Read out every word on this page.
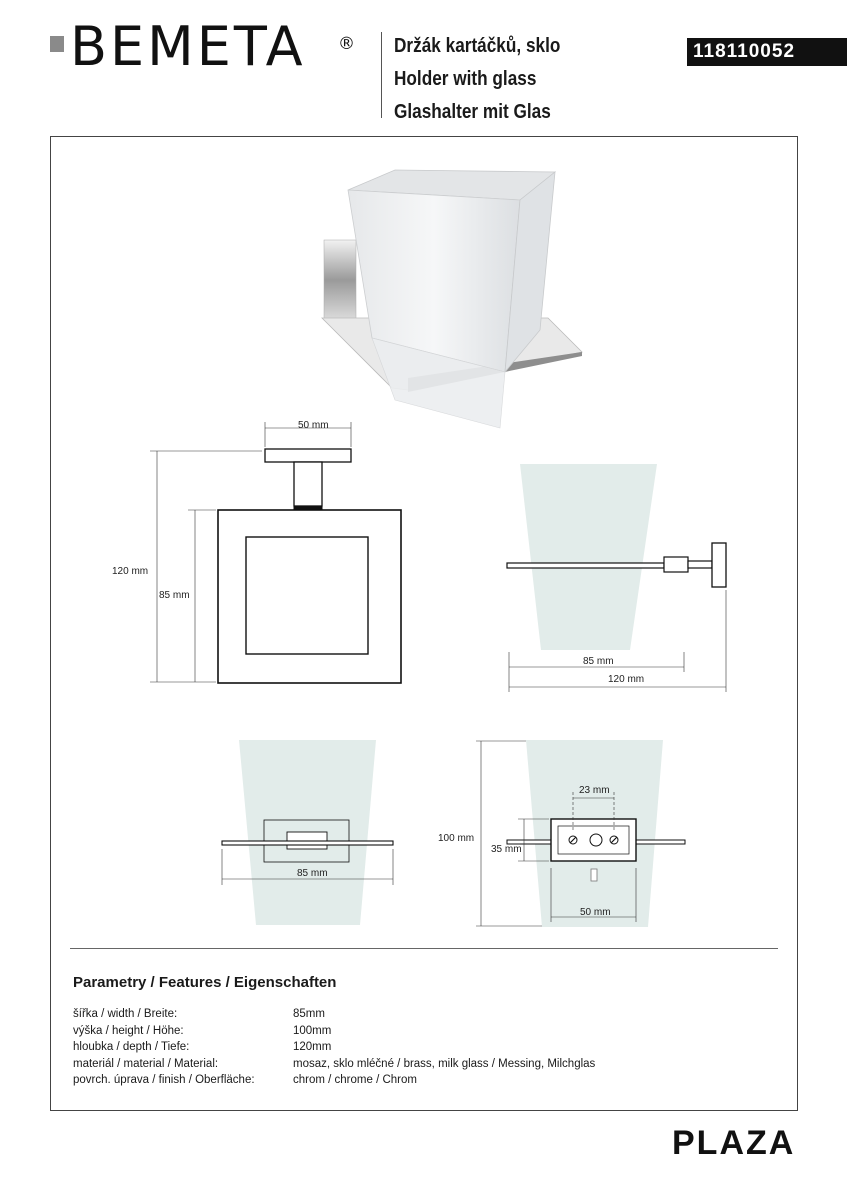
BEMETA ® Držák kartáčků, sklo
Holder with glass
Glashalter mit Glas
118110052
50 mm
120 mm
85 mm
85 mm
120 mm
85 mm
23 mm
100 mm
35 mm
50 mm
Parametry / Features / Eigenschaften
šířka / width / Breite:	85mm
výška / height / Höhe:	100mm
hloubka / depth / Tiefe:	120mm
materiál / material / Material:	mosaz, sklo mléčné / brass, milk glass / Messing, Milchglas
povrch. úprava / finish / Oberfläche:	chrom / chrome / Chrom
PLAZA
